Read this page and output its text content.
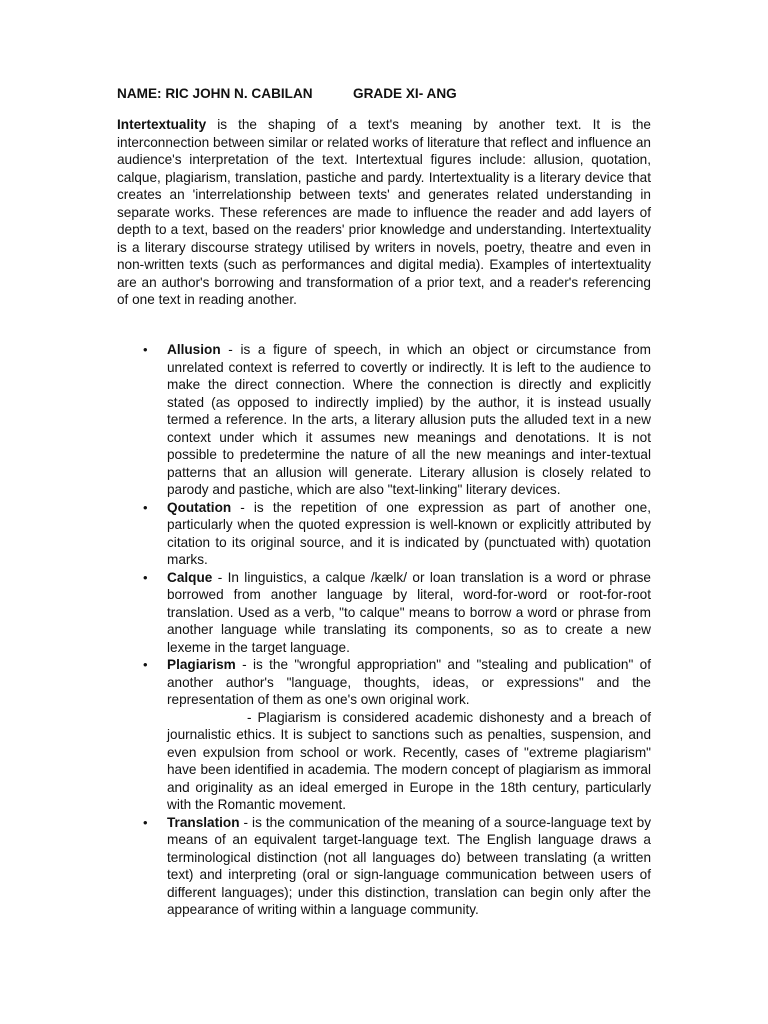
NAME: RIC JOHN N. CABILAN	GRADE XI- ANG

Intertextuality is the shaping of a text's meaning by another text. It is the interconnection between similar or related works of literature that reflect and influence an audience's interpretation of the text. Intertextual figures include: allusion, quotation, calque, plagiarism, translation, pastiche and pardy. Intertextuality is a literary device that creates an 'interrelationship between texts' and generates related understanding in separate works. These references are made to influence the reader and add layers of depth to a text, based on the readers' prior knowledge and understanding. Intertextuality is a literary discourse strategy utilised by writers in novels, poetry, theatre and even in non-written texts (such as performances and digital media). Examples of intertextuality are an author's borrowing and transformation of a prior text, and a reader's referencing of one text in reading another.

• Allusion - is a figure of speech, in which an object or circumstance from unrelated context is referred to covertly or indirectly. It is left to the audience to make the direct connection. Where the connection is directly and explicitly stated (as opposed to indirectly implied) by the author, it is instead usually termed a reference. In the arts, a literary allusion puts the alluded text in a new context under which it assumes new meanings and denotations. It is not possible to predetermine the nature of all the new meanings and inter-textual patterns that an allusion will generate. Literary allusion is closely related to parody and pastiche, which are also "text-linking" literary devices.
• Qoutation - is the repetition of one expression as part of another one, particularly when the quoted expression is well-known or explicitly attributed by citation to its original source, and it is indicated by (punctuated with) quotation marks.
• Calque - In linguistics, a calque /kælk/ or loan translation is a word or phrase borrowed from another language by literal, word-for-word or root-for-root translation. Used as a verb, "to calque" means to borrow a word or phrase from another language while translating its components, so as to create a new lexeme in the target language.
• Plagiarism - is the "wrongful appropriation" and "stealing and publication" of another author's "language, thoughts, ideas, or expressions" and the representation of them as one's own original work.
- Plagiarism is considered academic dishonesty and a breach of journalistic ethics. It is subject to sanctions such as penalties, suspension, and even expulsion from school or work. Recently, cases of "extreme plagiarism" have been identified in academia. The modern concept of plagiarism as immoral and originality as an ideal emerged in Europe in the 18th century, particularly with the Romantic movement.
• Translation - is the communication of the meaning of a source-language text by means of an equivalent target-language text. The English language draws a terminological distinction (not all languages do) between translating (a written text) and interpreting (oral or sign-language communication between users of different languages); under this distinction, translation can begin only after the appearance of writing within a language community.
